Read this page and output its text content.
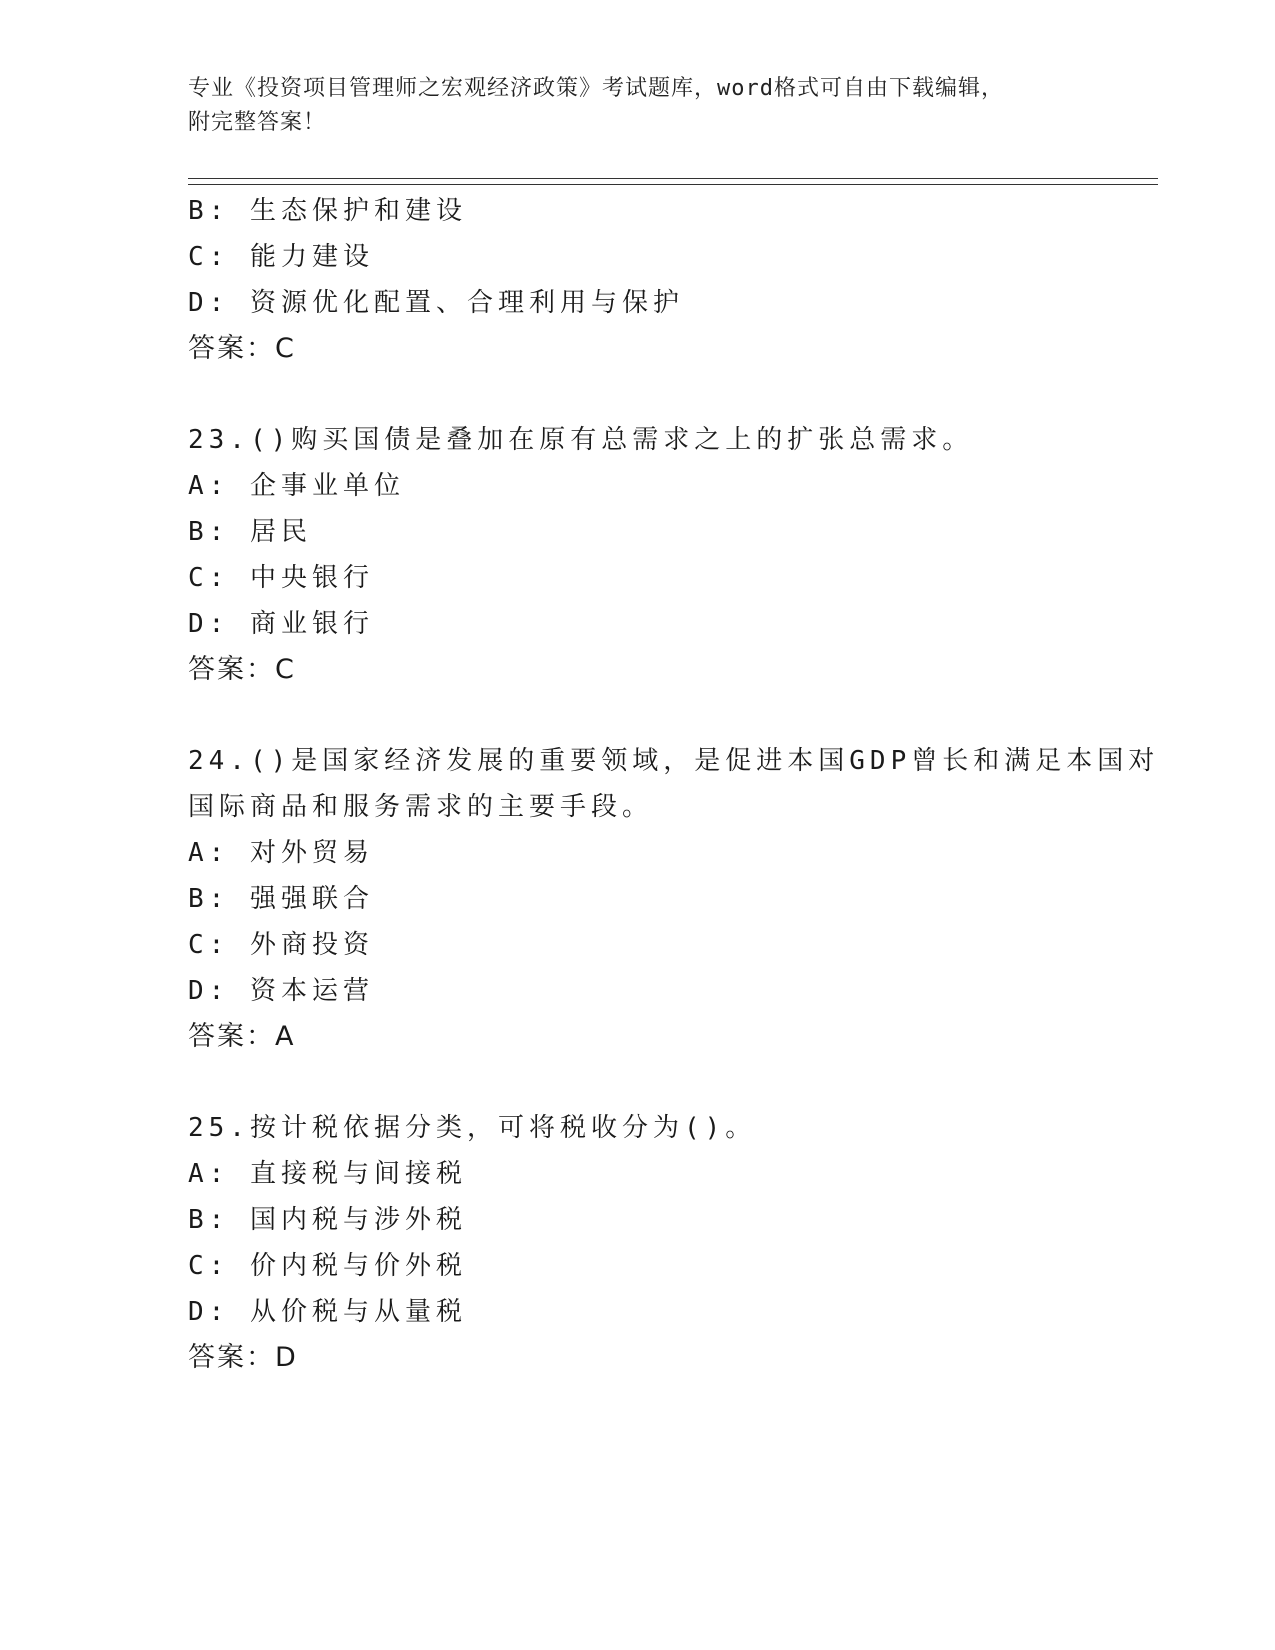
专业《投资项目管理师之宏观经济政策》考试题库，word格式可自由下载编辑，
附完整答案！
B: 生态保护和建设
C: 能力建设
D: 资源优化配置、合理利用与保护
答案：C
23.()购买国债是叠加在原有总需求之上的扩张总需求。
A: 企事业单位
B: 居民
C: 中央银行
D: 商业银行
答案：C
24.()是国家经济发展的重要领域，是促进本国GDP曾长和满足本国对
国际商品和服务需求的主要手段。
A: 对外贸易
B: 强强联合
C: 外商投资
D: 资本运营
答案：A
25.按计税依据分类，可将税收分为()。
A: 直接税与间接税
B: 国内税与涉外税
C: 价内税与价外税
D: 从价税与从量税
答案：D
